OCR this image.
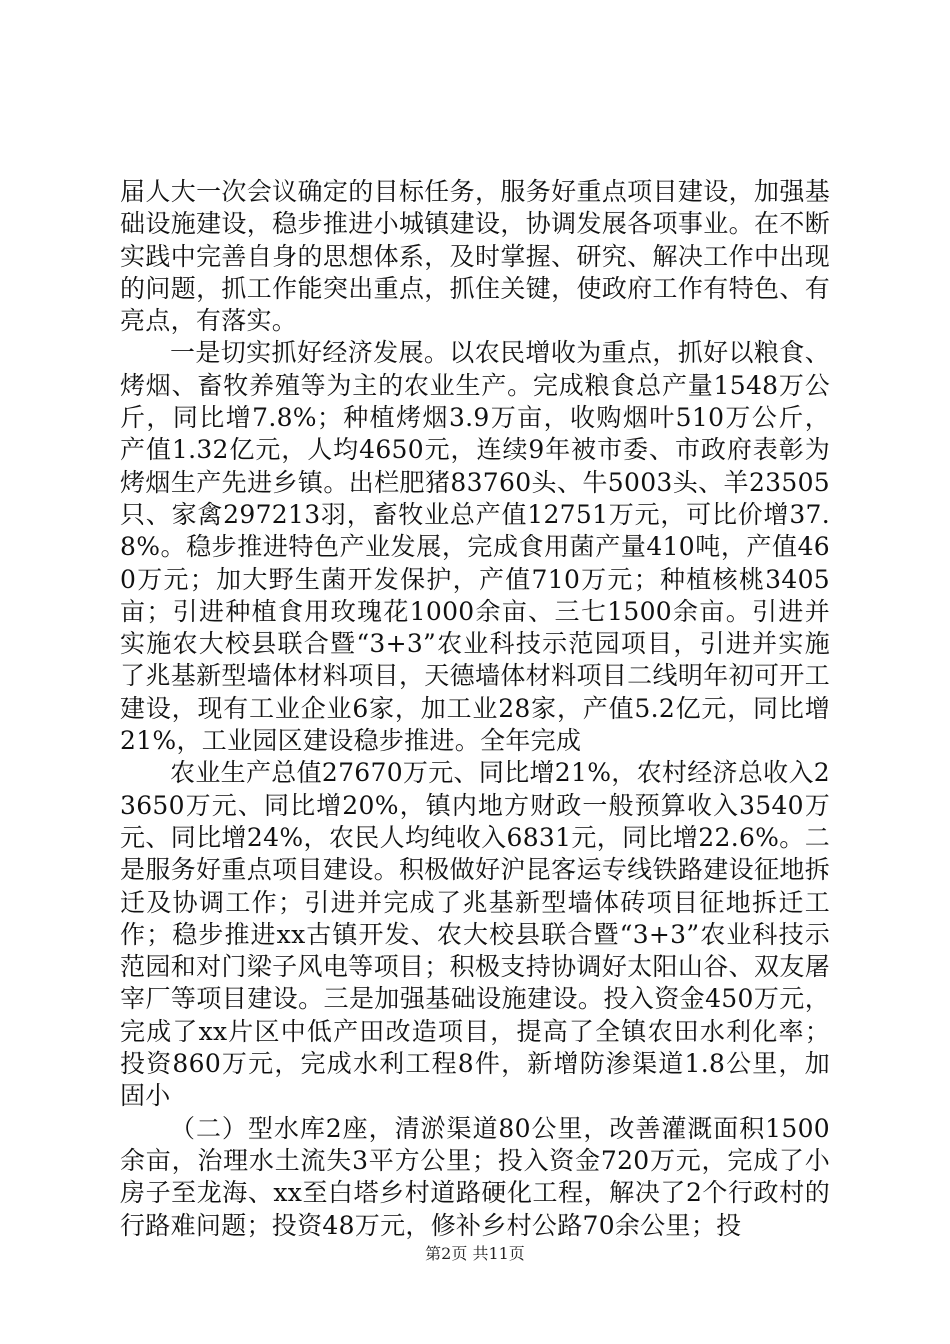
届人大一次会议确定的目标任务，服务好重点项目建设，加强基础设施建设，稳步推进小城镇建设，协调发展各项事业。在不断实践中完善自身的思想体系，及时掌握、研究、解决工作中出现的问题，抓工作能突出重点，抓住关键，使政府工作有特色、有亮点，有落实。

一是切实抓好经济发展。以农民增收为重点，抓好以粮食、烤烟、畜牧养殖等为主的农业生产。完成粮食总产量1548万公斤，同比增7.8%；种植烤烟3.9万亩，收购烟叶510万公斤，产值1.32亿元，人均4650元，连续9年被市委、市政府表彰为烤烟生产先进乡镇。出栏肥猪83760头、牛5003头、羊23505只、家禽297213羽，畜牧业总产值12751万元，可比价增37.8%。稳步推进特色产业发展，完成食用菌产量410吨，产值460万元；加大野生菌开发保护，产值710万元；种植核桃3405亩；引进种植食用玫瑰花1000余亩、三七1500余亩。引进并实施农大校县联合暨“3+3”农业科技示范园项目，引进并实施了兆基新型墙体材料项目，天德墙体材料项目二线明年初可开工建设，现有工业企业6家，加工业28家，产值5.2亿元，同比增21%，工业园区建设稳步推进。全年完成

农业生产总值27670万元、同比增21%，农村经济总收入23650万元、同比增20%，镇内地方财政一般预算收入3540万元、同比增24%，农民人均纯收入6831元，同比增22.6%。二是服务好重点项目建设。积极做好沪昆客运专线铁路建设征地拆迁及协调工作；引进并完成了兆基新型墙体砖项目征地拆迁工作；稳步推进xx古镇开发、农大校县联合暨“3+3”农业科技示范园和对门梁子风电等项目；积极支持协调好太阳山谷、双友屠宰厂等项目建设。三是加强基础设施建设。投入资金450万元，完成了xx片区中低产田改造项目，提高了全镇农田水利化率；投资860万元，完成水利工程8件，新增防渗渠道1.8公里，加固小

（二）型水库2座，清淤渠道80公里，改善灌溉面积1500余亩，治理水土流失3平方公里；投入资金720万元，完成了小房子至龙海、xx至白塔乡村道路硬化工程，解决了2个行政村的行路难问题；投资48万元，修补乡村公路70余公里；投

第2页 共11页
